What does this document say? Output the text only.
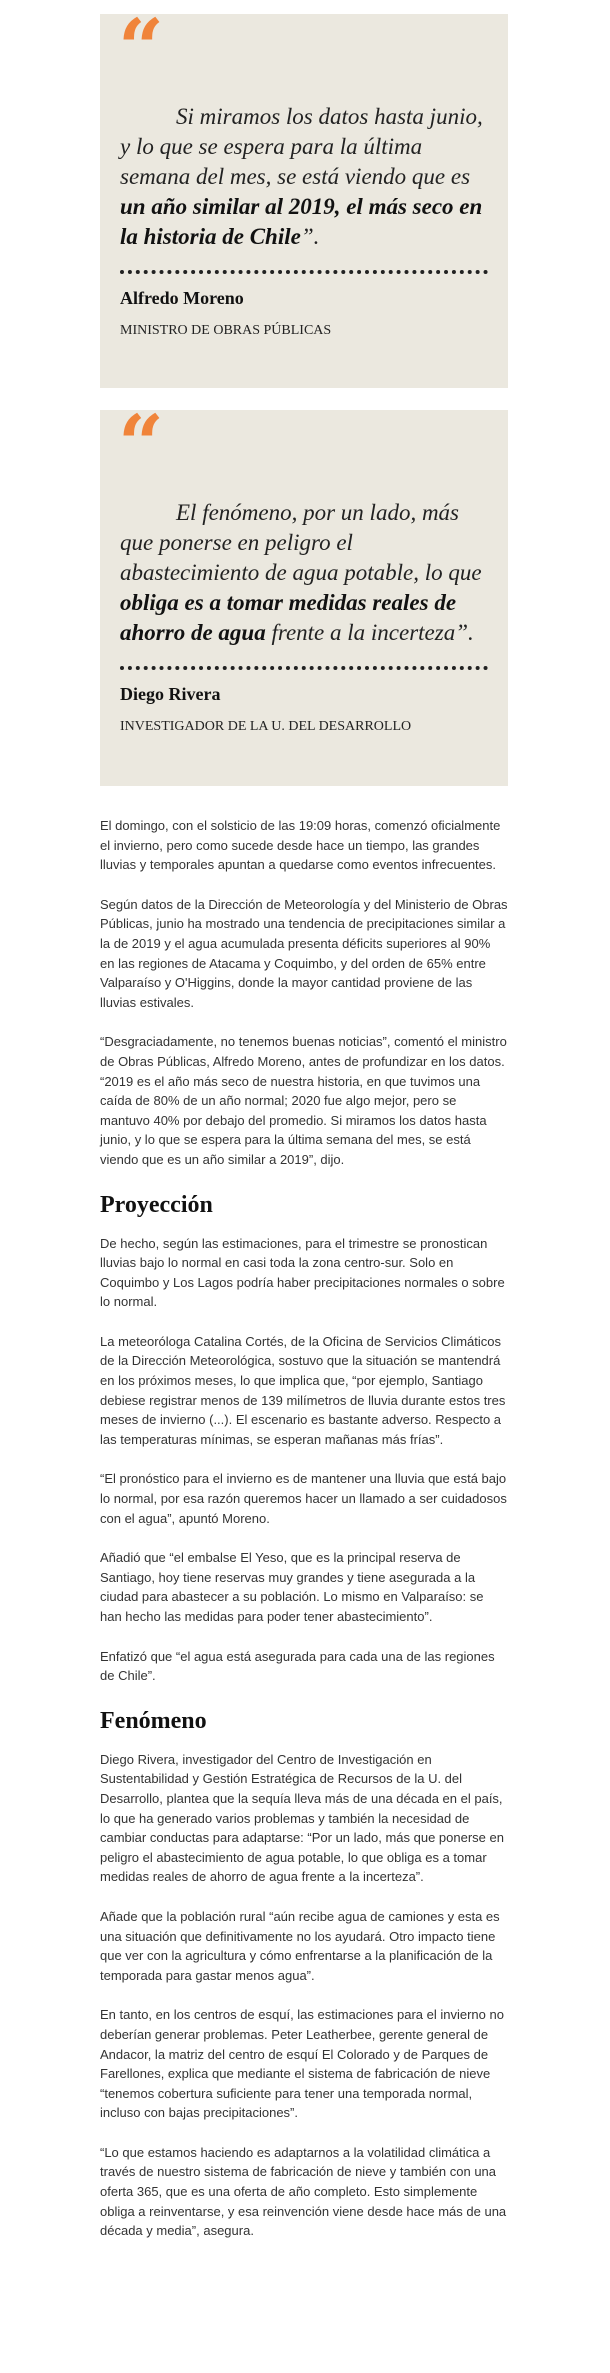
“

Si miramos los datos hasta junio, y lo que se espera para la última semana del mes, se está viendo que es un año similar al 2019, el más seco en la historia de Chile”.

Alfredo Moreno

MINISTRO DE OBRAS PÚBLICAS

“

El fenómeno, por un lado, más que ponerse en peligro el abastecimiento de agua potable, lo que obliga es a tomar medidas reales de ahorro de agua frente a la incerteza”.

Diego Rivera

INVESTIGADOR DE LA U. DEL DESARROLLO

El domingo, con el solsticio de las 19:09 horas, comenzó oficialmente el invierno, pero como sucede desde hace un tiempo, las grandes lluvias y temporales apuntan a quedarse como eventos infrecuentes.

Según datos de la Dirección de Meteorología y del Ministerio de Obras Públicas, junio ha mostrado una tendencia de precipitaciones similar a la de 2019 y el agua acumulada presenta déficits superiores al 90% en las regiones de Atacama y Coquimbo, y del orden de 65% entre Valparaíso y O'Higgins, donde la mayor cantidad proviene de las lluvias estivales.

“Desgraciadamente, no tenemos buenas noticias”, comentó el ministro de Obras Públicas, Alfredo Moreno, antes de profundizar en los datos. “2019 es el año más seco de nuestra historia, en que tuvimos una caída de 80% de un año normal; 2020 fue algo mejor, pero se mantuvo 40% por debajo del promedio. Si miramos los datos hasta junio, y lo que se espera para la última semana del mes, se está viendo que es un año similar a 2019”, dijo.

Proyección

De hecho, según las estimaciones, para el trimestre se pronostican lluvias bajo lo normal en casi toda la zona centro-sur. Solo en Coquimbo y Los Lagos podría haber precipitaciones normales o sobre lo normal.

La meteoróloga Catalina Cortés, de la Oficina de Servicios Climáticos de la Dirección Meteorológica, sostuvo que la situación se mantendrá en los próximos meses, lo que implica que, “por ejemplo, Santiago debiese registrar menos de 139 milímetros de lluvia durante estos tres meses de invierno (...). El escenario es bastante adverso. Respecto a las temperaturas mínimas, se esperan mañanas más frías”.

“El pronóstico para el invierno es de mantener una lluvia que está bajo lo normal, por esa razón queremos hacer un llamado a ser cuidadosos con el agua”, apuntó Moreno.

Añadió que “el embalse El Yeso, que es la principal reserva de Santiago, hoy tiene reservas muy grandes y tiene asegurada a la ciudad para abastecer a su población. Lo mismo en Valparaíso: se han hecho las medidas para poder tener abastecimiento”.

Enfatizó que “el agua está asegurada para cada una de las regiones de Chile”.

Fenómeno

Diego Rivera, investigador del Centro de Investigación en Sustentabilidad y Gestión Estratégica de Recursos de la U. del Desarrollo, plantea que la sequía lleva más de una década en el país, lo que ha generado varios problemas y también la necesidad de cambiar conductas para adaptarse: “Por un lado, más que ponerse en peligro el abastecimiento de agua potable, lo que obliga es a tomar medidas reales de ahorro de agua frente a la incerteza”.

Añade que la población rural “aún recibe agua de camiones y esta es una situación que definitivamente no los ayudará. Otro impacto tiene que ver con la agricultura y cómo enfrentarse a la planificación de la temporada para gastar menos agua”.

En tanto, en los centros de esquí, las estimaciones para el invierno no deberían generar problemas. Peter Leatherbee, gerente general de Andacor, la matriz del centro de esquí El Colorado y de Parques de Farellones, explica que mediante el sistema de fabricación de nieve “tenemos cobertura suficiente para tener una temporada normal, incluso con bajas precipitaciones”.

“Lo que estamos haciendo es adaptarnos a la volatilidad climática a través de nuestro sistema de fabricación de nieve y también con una oferta 365, que es una oferta de año completo. Esto simplemente obliga a reinventarse, y esa reinvención viene desde hace más de una década y media”, asegura.
